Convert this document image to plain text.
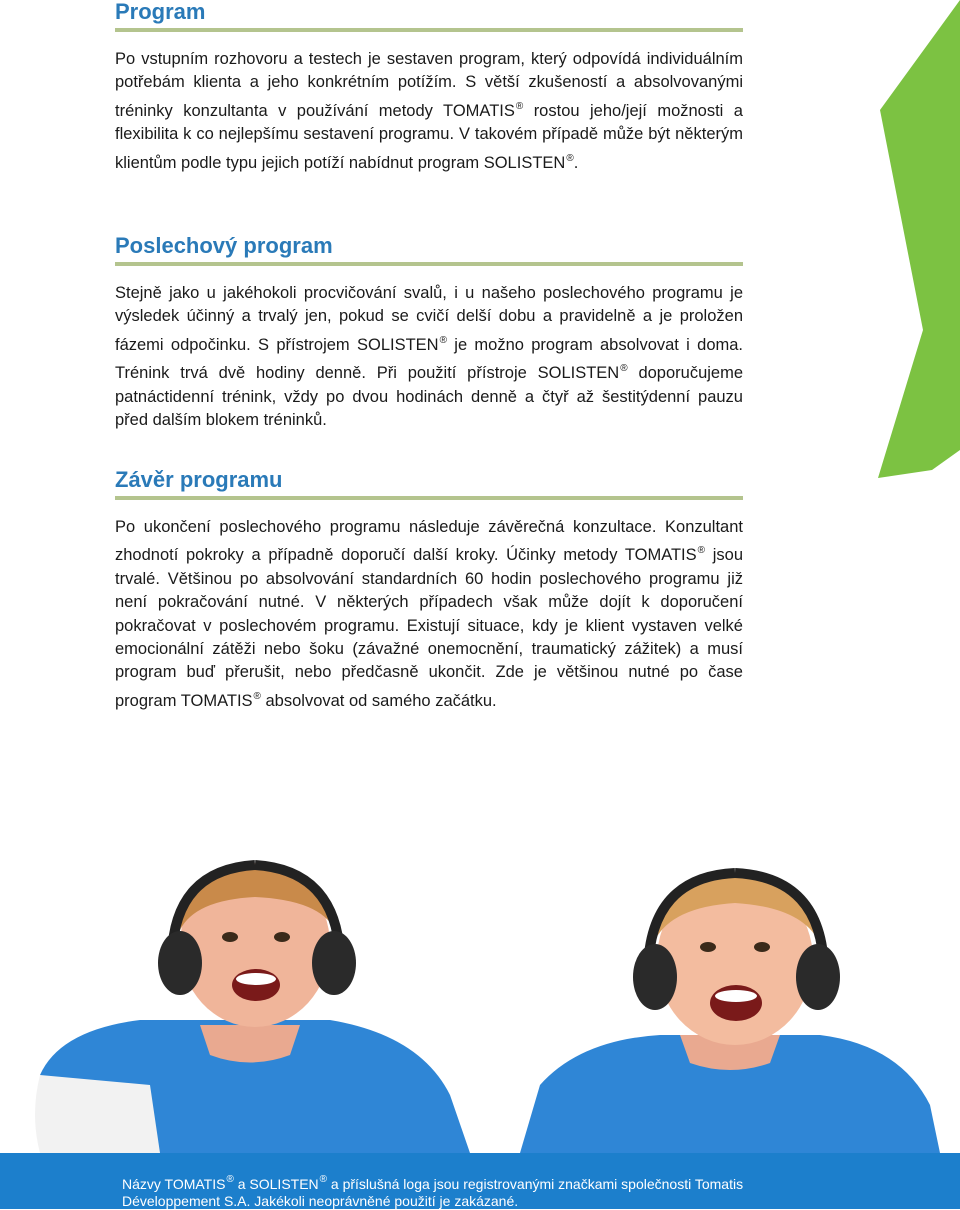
Program
Po vstupním rozhovoru a testech je sestaven program, který odpovídá individuálním potřebám klienta a jeho konkrétním potížím. S větší zkušeností a absolvovanými tréninky konzultanta v používání metody TOMATIS® rostou jeho/její možnosti a flexibilita k co nejlepšímu sestavení programu. V takovém případě může být některým klientům podle typu jejich potíží nabídnut program SOLISTEN®.
Poslechový program
Stejně jako u jakéhokoli procvičování svalů, i u našeho poslechového programu je výsledek účinný a trvalý jen, pokud se cvičí delší dobu a pravidelně a je proložen fázemi odpočinku. S přístrojem SOLISTEN® je možno program absolvovat i doma. Trénink trvá dvě hodiny denně. Při použití přístroje SOLISTEN® doporučujeme patnáctidenní trénink, vždy po dvou hodinách denně a čtyř až šestitýdenní pauzu před dalším blokem tréninků.
Závěr programu
Po ukončení poslechového programu následuje závěrečná konzultace. Konzultant zhodnotí pokroky a případně doporučí další kroky. Účinky metody TOMATIS® jsou trvalé. Většinou po absolvování standardních 60 hodin poslechového programu již není pokračování nutné. V některých případech však může dojít k doporučení pokračovat v poslechovém programu. Existují situace, kdy je klient vystaven velké emocionální zátěži nebo šoku (závažné onemocnění, traumatický zážitek) a musí program buď přerušit, nebo předčasně ukončit. Zde je většinou nutné po čase program TOMATIS® absolvovat od samého začátku.
Názvy TOMATIS® a SOLISTEN® a příslušná loga jsou registrovanými značkami společnosti Tomatis Développement S.A. Jakékoli neoprávněné použití je zakázané.
